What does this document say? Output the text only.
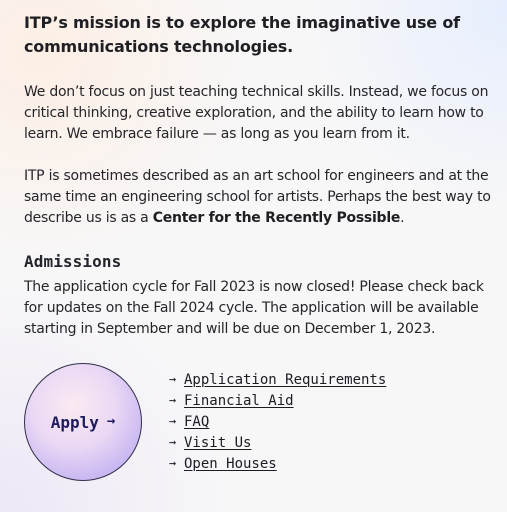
ITP’s mission is to explore the imaginative use of communications technologies.

We don’t focus on just teaching technical skills. Instead, we focus on critical thinking, creative exploration, and the ability to learn how to learn. We embrace failure — as long as you learn from it.

ITP is sometimes described as an art school for engineers and at the same time an engineering school for artists. Perhaps the best way to describe us is as a Center for the Recently Possible.

Admissions

The application cycle for Fall 2023 is now closed! Please check back for updates on the Fall 2024 cycle. The application will be available starting in September and will be due on December 1, 2023.

Apply →
→ Application Requirements
→ Financial Aid
→ FAQ
→ Visit Us
→ Open Houses
